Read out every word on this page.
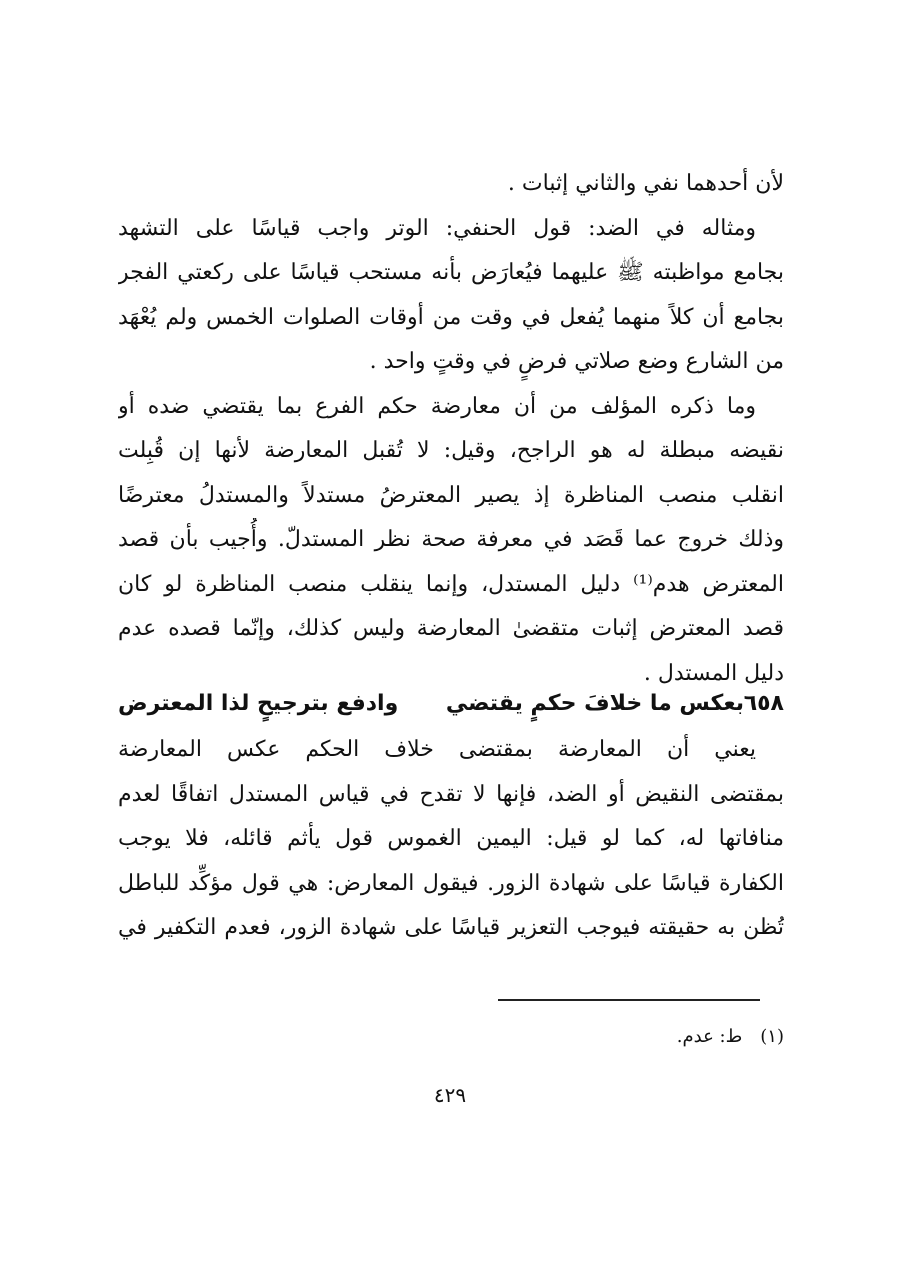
لأن أحدهما نفي والثاني إثبات .
ومثاله في الضد: قول الحنفي: الوتر واجب قياسًا على التشهد
بجامع مواظبته ﷺ عليهما فيُعارَض بأنه مستحب قياسًا على ركعتي الفجر
بجامع أن كلاً منهما يُفعل في وقت من أوقات الصلوات الخمس ولم يُعْهَد
من الشارع وضع صلاتي فرضٍ في وقتٍ واحد .
وما ذكره المؤلف من أن معارضة حكم الفرع بما يقتضي ضده أو
نقيضه مبطلة له هو الراجح، وقيل: لا تُقبل المعارضة لأنها إن قُبِلت
انقلب منصب المناظرة إذ يصير المعترضُ مستدلاً والمستدلُ معترضًا
وذلك خروج عما قَصَد في معرفة صحة نظر المستدلّ. وأُجيب بأن قصد
المعترض هدم⁽¹⁾ دليل المستدل، وإنما ينقلب منصب المناظرة لو كان
قصد المعترض إثبات متقضىٰ المعارضة وليس كذلك، وإنّما قصده عدم
دليل المستدل .
٦٥٨
بعكس ما خلافَ حكمٍ يقتضي
وادفع بترجيحٍ لذا المعترض
يعني أن المعارضة بمقتضى خلاف الحكم عكس المعارضة
بمقتضى النقيض أو الضد، فإنها لا تقدح في قياس المستدل اتفاقًا لعدم
منافاتها له، كما لو قيل: اليمين الغموس قول يأثم قائله، فلا يوجب
الكفارة قياسًا على شهادة الزور. فيقول المعارض: هي قول مؤكِّد للباطل
تُظن به حقيقته فيوجب التعزير قياسًا على شهادة الزور، فعدم التكفير في
(١)ط: عدم.
٤٢٩
